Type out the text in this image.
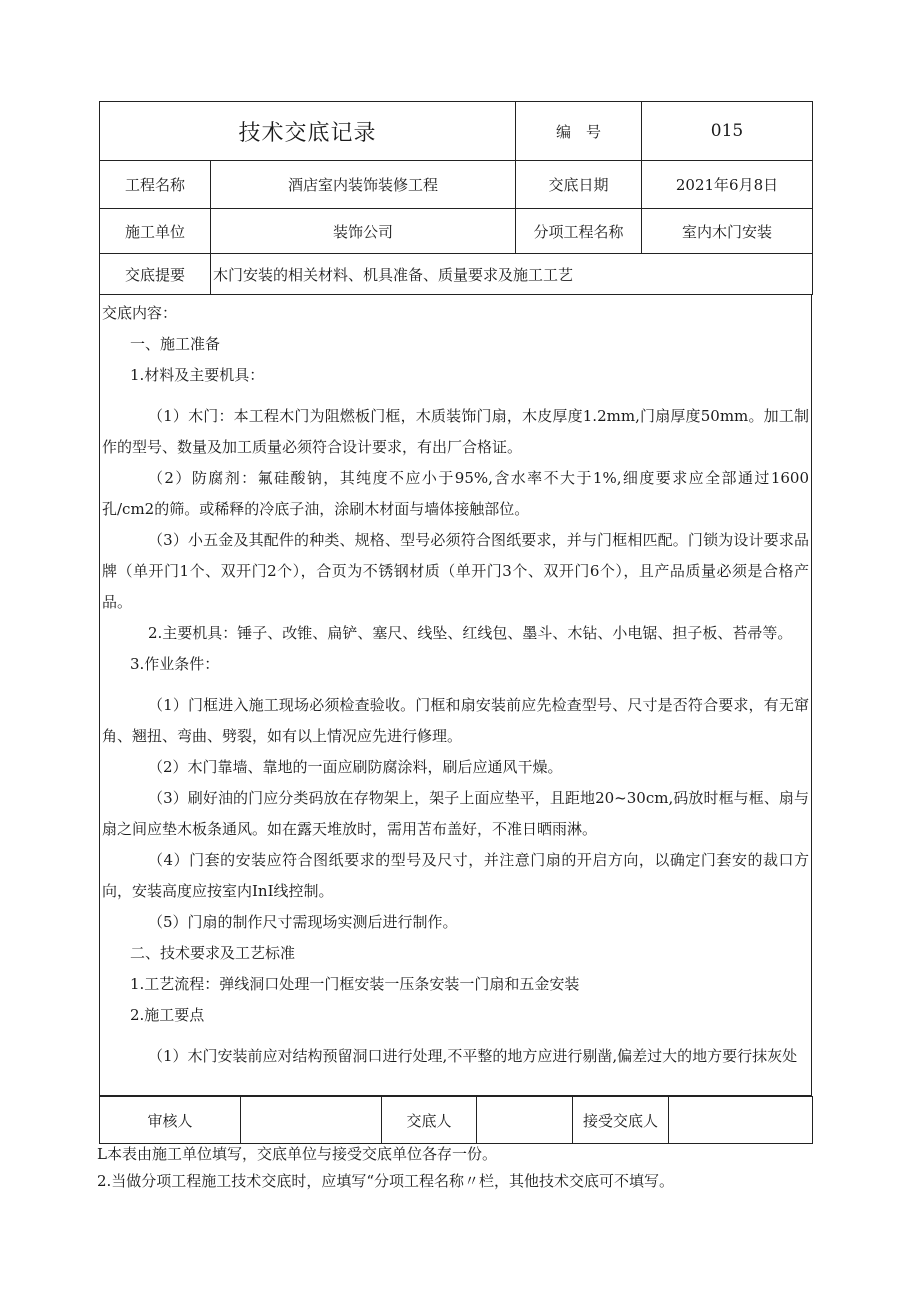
技术交底记录		编　号	015
工程名称	酒店室内装饰装修工程	交底日期	2021年6月8日
施工单位	装饰公司	分项工程名称	室内木门安装
交底提要	木门安装的相关材料、机具准备、质量要求及施工工艺		

交底内容：

一、施工准备

1.材料及主要机具：

（1）木门：本工程木门为阻燃板门框，木质装饰门扇，木皮厚度1.2mm,门扇厚度50mm。加工制作的型号、数量及加工质量必须符合设计要求，有出厂合格证。

（2）防腐剂：氟硅酸钠，其纯度不应小于95%,含水率不大于1%,细度要求应全部通过1600孔/cm2的筛。或稀释的冷底子油，涂刷木材面与墙体接触部位。

（3）小五金及其配件的种类、规格、型号必须符合图纸要求，并与门框相匹配。门锁为设计要求品牌（单开门1个、双开门2个），合页为不锈钢材质（单开门3个、双开门6个），且产品质量必须是合格产品。

2.主要机具：锤子、改锥、扁铲、塞尺、线坠、红线包、墨斗、木钻、小电锯、担子板、苔帚等。

3.作业条件：

（1）门框进入施工现场必须检查验收。门框和扇安装前应先检查型号、尺寸是否符合要求，有无窜角、翘扭、弯曲、劈裂，如有以上情况应先进行修理。

（2）木门靠墙、靠地的一面应刷防腐涂料，刷后应通风干燥。

（3）刷好油的门应分类码放在存物架上，架子上面应垫平，且距地20~30cm,码放时框与框、扇与扇之间应垫木板条通风。如在露天堆放时，需用苫布盖好，不准日晒雨淋。

（4）门套的安装应符合图纸要求的型号及尺寸，并注意门扇的开启方向，以确定门套安的裁口方向，安装高度应按室内InI线控制。

（5）门扇的制作尺寸需现场实测后进行制作。

二、技术要求及工艺标准

1.工艺流程：弹线洞口处理一门框安装一压条安装一门扇和五金安装

2.施工要点

（1）木门安装前应对结构预留洞口进行处理,不平整的地方应进行剔凿,偏差过大的地方要行抹灰处

审核人		交底人		接受交底人	

L本表由施工单位填写，交底单位与接受交底单位各存一份。

2.当做分项工程施工技术交底时，应填写“分项工程名称〃栏，其他技术交底可不填写。
